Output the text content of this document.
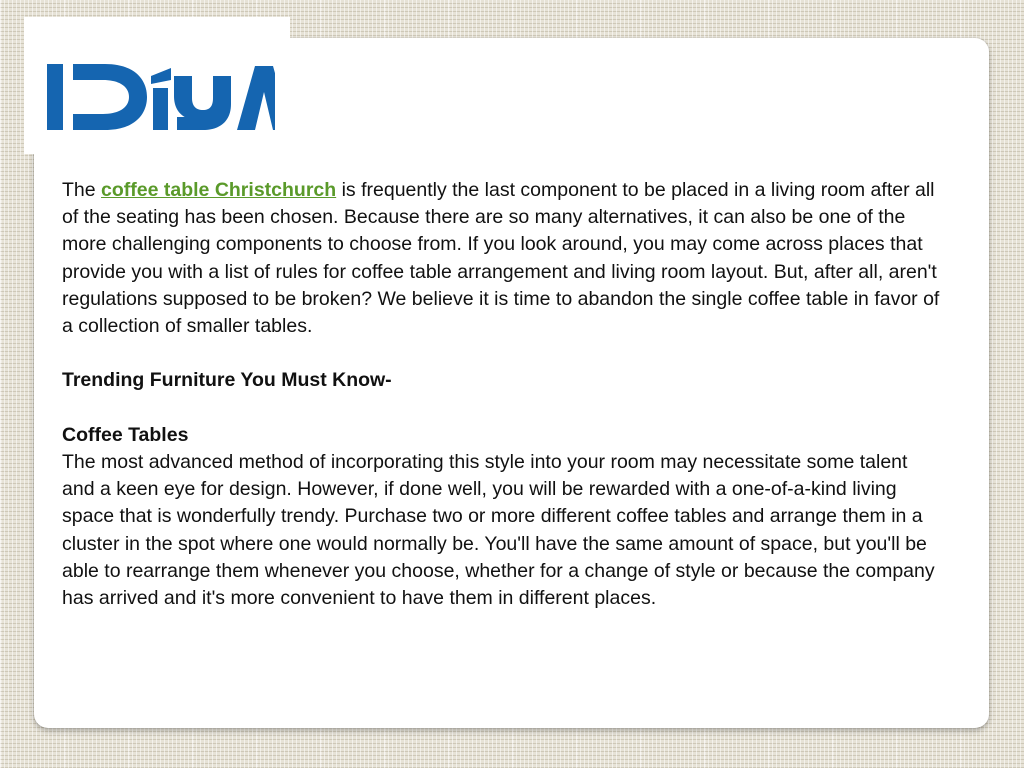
The coffee table Christchurch is frequently the last component to be placed in a living room after all of the seating has been chosen. Because there are so many alternatives, it can also be one of the more challenging components to choose from. If you look around, you may come across places that provide you with a list of rules for coffee table arrangement and living room layout. But, after all, aren't regulations supposed to be broken? We believe it is time to abandon the single coffee table in favor of a collection of smaller tables.

Trending Furniture You Must Know-

Coffee Tables

The most advanced method of incorporating this style into your room may necessitate some talent and a keen eye for design. However, if done well, you will be rewarded with a one-of-a-kind living space that is wonderfully trendy. Purchase two or more different coffee tables and arrange them in a cluster in the spot where one would normally be. You'll have the same amount of space, but you'll be able to rearrange them whenever you choose, whether for a change of style or because the company has arrived and it's more convenient to have them in different places.
